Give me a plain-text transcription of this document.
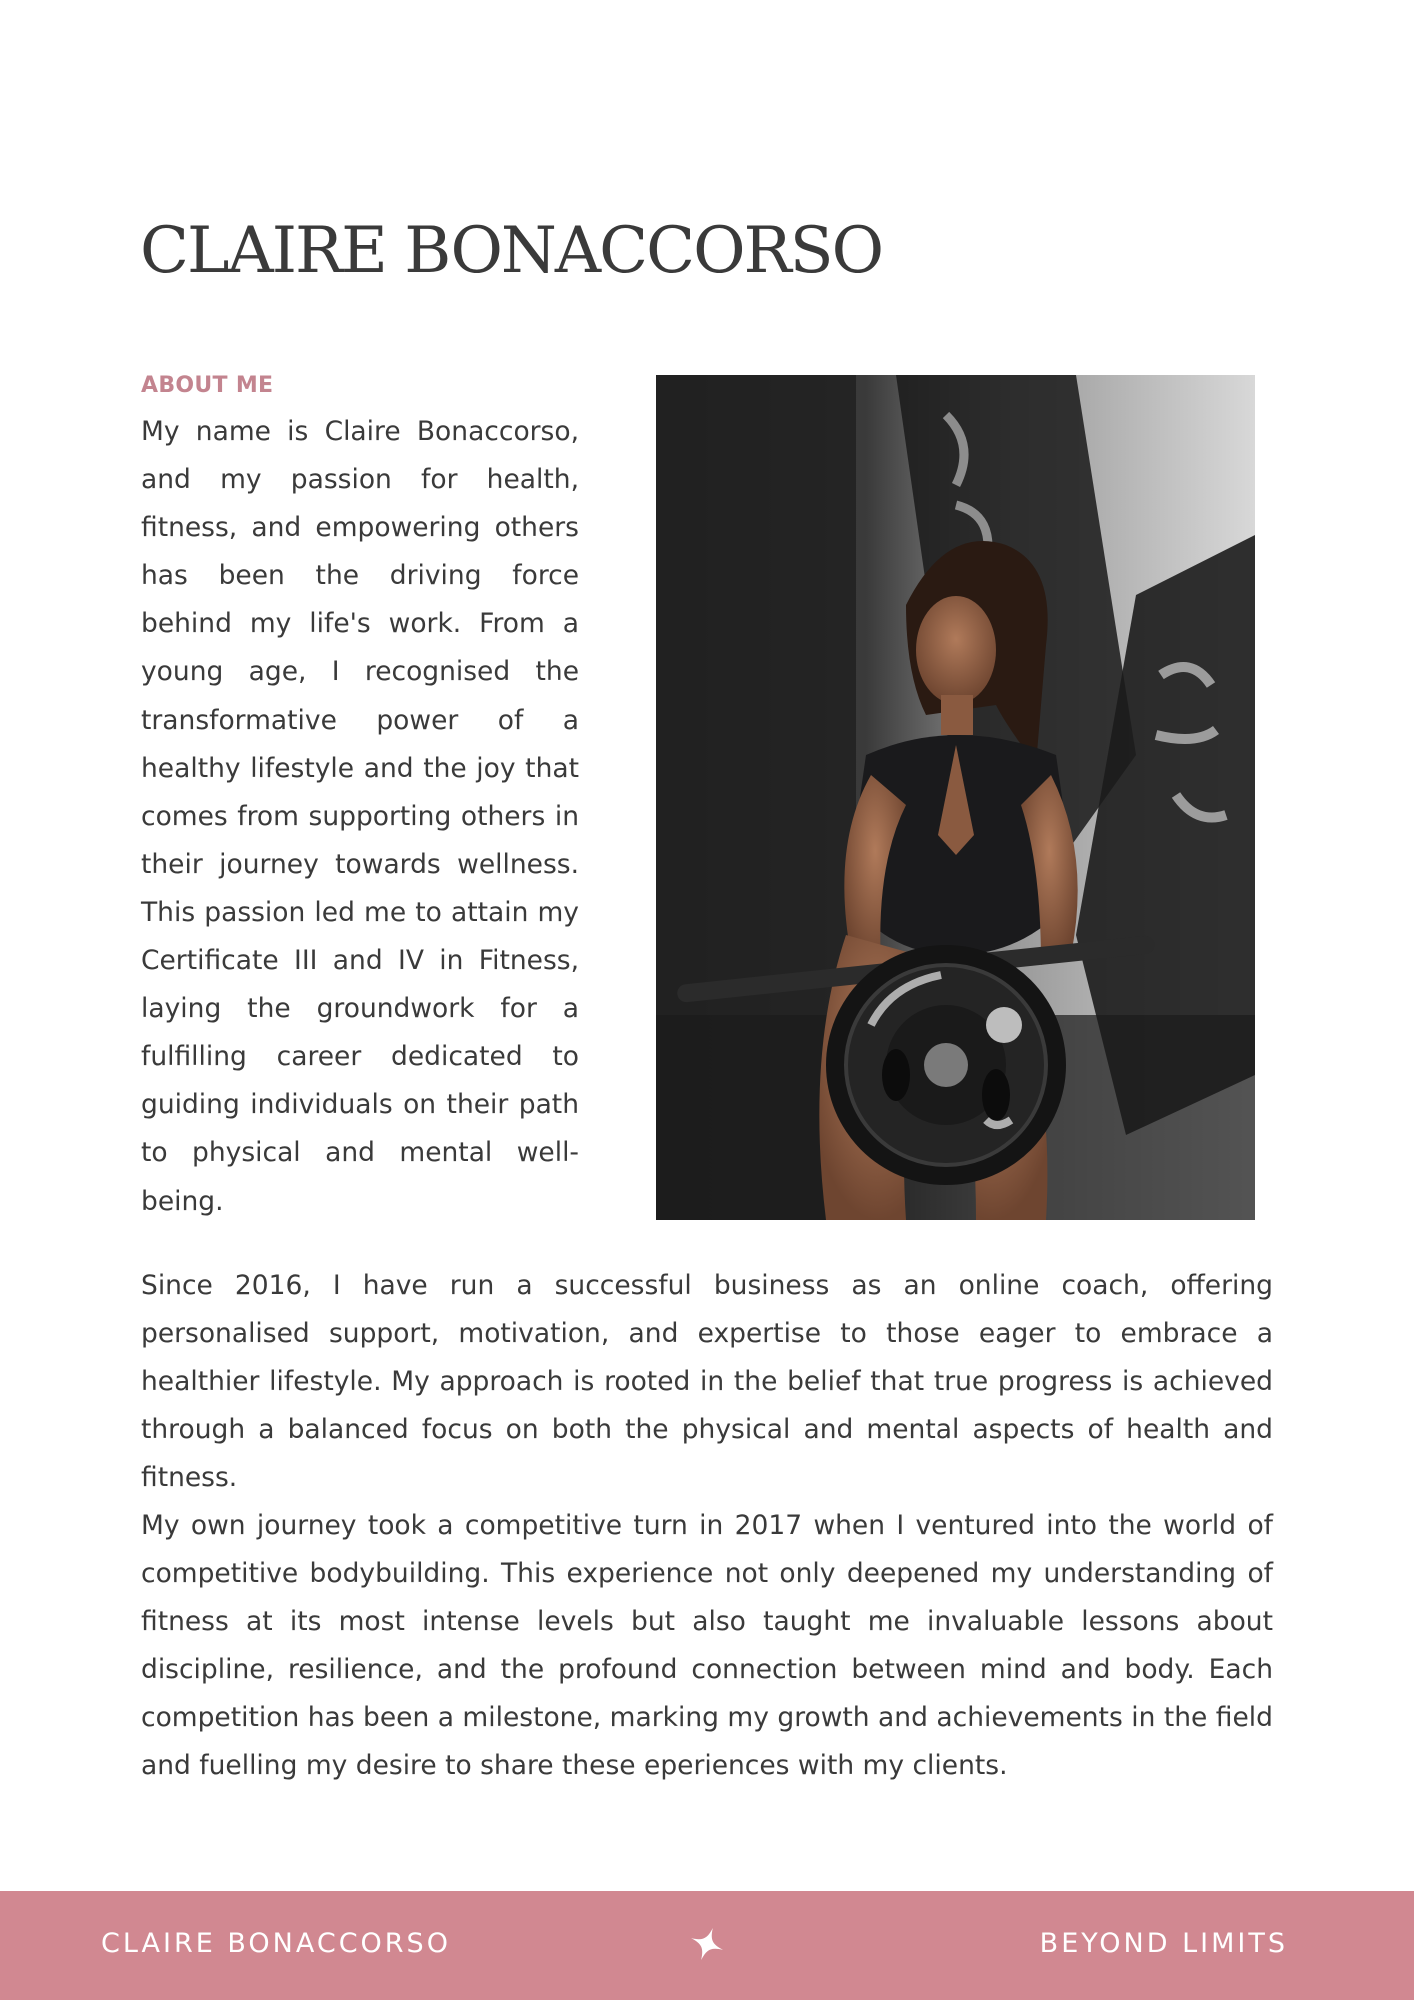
CLAIRE BONACCORSO
ABOUT ME

My name is Claire Bonaccorso, and my passion for health, fitness, and empowering others has been the driving force behind my life's work. From a young age, I recognised the transformative power of a healthy lifestyle and the joy that comes from supporting others in their journey towards wellness. This passion led me to attain my Certificate III and IV in Fitness, laying the groundwork for a fulfilling career dedicated to guiding individuals on their path to physical and mental well-being.

Since 2016, I have run a successful business as an online coach, offering personalised support, motivation, and expertise to those eager to embrace a healthier lifestyle. My approach is rooted in the belief that true progress is achieved through a balanced focus on both the physical and mental aspects of health and fitness.

My own journey took a competitive turn in 2017 when I ventured into the world of competitive bodybuilding. This experience not only deepened my understanding of fitness at its most intense levels but also taught me invaluable lessons about discipline, resilience, and the profound connection between mind and body. Each competition has been a milestone, marking my growth and achievements in the field and fuelling my desire to share these eperiences with my clients.

CLAIRE BONACCORSO	BEYOND LIMITS
